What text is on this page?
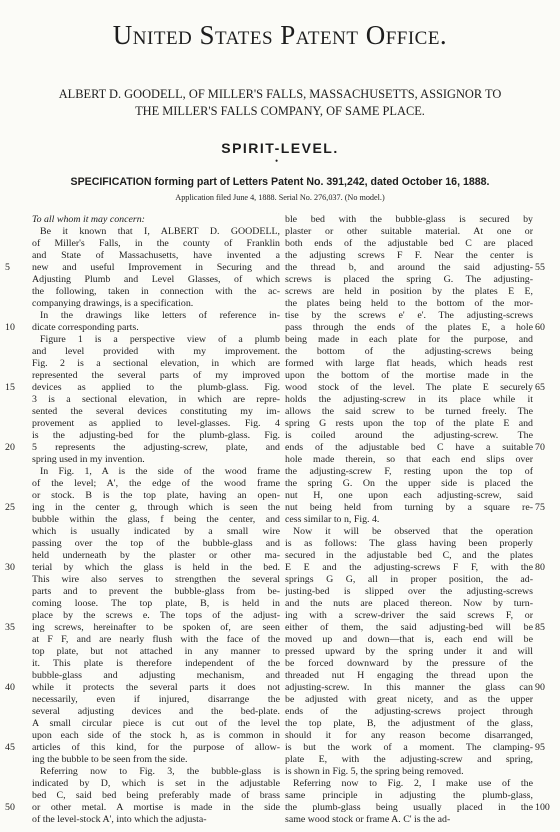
United States Patent Office.
ALBERT D. GOODELL, OF MILLER'S FALLS, MASSACHUSETTS, ASSIGNOR TO
THE MILLER'S FALLS COMPANY, OF SAME PLACE.
SPIRIT-LEVEL.
•
SPECIFICATION forming part of Letters Patent No. 391,242, dated October 16, 1888.
Application filed June 4, 1888. Serial No. 276,037. (No model.)
To all whom it may concern:
Be it known that I, ALBERT D. GOODELL,
of Miller's Falls, in the county of Franklin
and State of Massachusetts, have invented a
new and useful Improvement in Securing and
Adjusting Plumb and Level Glasses, of which
the following, taken in connection with the ac-
companying drawings, is a specification.
In the drawings like letters of reference in-
dicate corresponding parts.
Figure 1 is a perspective view of a plumb
and level provided with my improvement.
Fig. 2 is a sectional elevation, in which are
represented the several parts of my improved
devices as applied to the plumb-glass. Fig.
3 is a sectional elevation, in which are repre-
sented the several devices constituting my im-
provement as applied to level-glasses. Fig. 4
is the adjusting-bed for the plumb-glass. Fig.
5 represents the adjusting-screw, plate, and
spring used in my invention.
In Fig. 1, A is the side of the wood frame
of the level; A', the edge of the wood frame
or stock. B is the top plate, having an open-
ing in the center g, through which is seen the
bubble within the glass, f being the center, and
which is usually indicated by a small wire
passing over the top of the bubble-glass and
held underneath by the plaster or other ma-
terial by which the glass is held in the bed.
This wire also serves to strengthen the several
parts and to prevent the bubble-glass from be-
coming loose. The top plate, B, is held in
place by the screws e. The tops of the adjust-
ing screws, hereinafter to be spoken of, are seen
at F F, and are nearly flush with the face of the
top plate, but not attached in any manner to
it. This plate is therefore independent of the
bubble-glass and adjusting mechanism, and
while it protects the several parts it does not
necessarily, even if injured, disarrange the
several adjusting devices and the bed-plate.
A small circular piece is cut out of the level
upon each side of the stock h, as is common in
articles of this kind, for the purpose of allow-
ing the bubble to be seen from the side.
Referring now to Fig. 3, the bubble-glass is
indicated by D, which is set in the adjustable
bed C, said bed being preferably made of brass
or other metal. A mortise is made in the side
of the level-stock A', into which the adjusta-
ble bed with the bubble-glass is secured by
plaster or other suitable material. At one or
both ends of the adjustable bed C are placed
the adjusting screws F F. Near the center is
the thread b, and around the said adjusting-
screws is placed the spring G. The adjusting-
screws are held in position by the plates E E,
the plates being held to the bottom of the mor-
tise by the screws e' e'. The adjusting-screws
pass through the ends of the plates E, a hole
being made in each plate for the purpose, and
the bottom of the adjusting-screws being
formed with large flat heads, which heads rest
upon the bottom of the mortise made in the
wood stock of the level. The plate E securely
holds the adjusting-screw in its place while it
allows the said screw to be turned freely. The
spring G rests upon the top of the plate E and
is coiled around the adjusting-screw. The
ends of the adjustable bed C have a suitable
hole made therein, so that each end slips over
the adjusting-screw F, resting upon the top of
the spring G. On the upper side is placed the
nut H, one upon each adjusting-screw, said
nut being held from turning by a square re-
cess similar to n, Fig. 4.
Now it will be observed that the operation
is as follows: The glass having been properly
secured in the adjustable bed C, and the plates
E E and the adjusting-screws F F, with the
springs G G, all in proper position, the ad-
justing-bed is slipped over the adjusting-screws
and the nuts are placed thereon. Now by turn-
ing with a screw-driver the said screws F, or
either of them, the said adjusting-bed will be
moved up and down—that is, each end will be
pressed upward by the spring under it and will
be forced downward by the pressure of the
threaded nut H engaging the thread upon the
adjusting-screw. In this manner the glass can
be adjusted with great nicety, and as the upper
ends of the adjusting-screws project through
the top plate, B, the adjustment of the glass,
should it for any reason become disarranged,
is but the work of a moment. The clamping-
plate E, with the adjusting-screw and spring,
is shown in Fig. 5, the spring being removed.
Referring now to Fig. 2, I make use of the
same principle in adjusting the plumb-glass,
the plumb-glass being usually placed in the
same wood stock or frame A. C' is the ad-
5
10
15
20
25
30
35
40
45
50
55
60
65
70
75
80
85
90
95
100
